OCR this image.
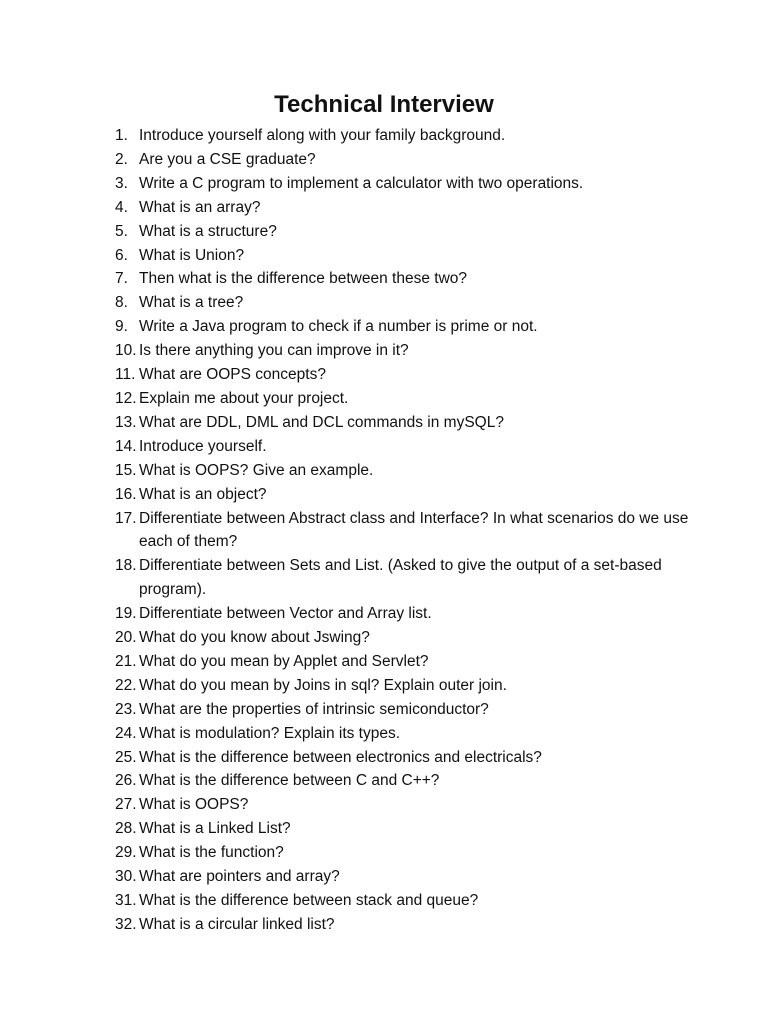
Technical Interview
1. Introduce yourself along with your family background.
2. Are you a CSE graduate?
3. Write a C program to implement a calculator with two operations.
4. What is an array?
5. What is a structure?
6. What is Union?
7. Then what is the difference between these two?
8. What is a tree?
9. Write a Java program to check if a number is prime or not.
10. Is there anything you can improve in it?
11. What are OOPS concepts?
12. Explain me about your project.
13. What are DDL, DML and DCL commands in mySQL?
14. Introduce yourself.
15. What is OOPS? Give an example.
16. What is an object?
17. Differentiate between Abstract class and Interface? In what scenarios do we use each of them?
18. Differentiate between Sets and List. (Asked to give the output of a set-based program).
19. Differentiate between Vector and Array list.
20. What do you know about Jswing?
21. What do you mean by Applet and Servlet?
22. What do you mean by Joins in sql? Explain outer join.
23. What are the properties of intrinsic semiconductor?
24. What is modulation? Explain its types.
25. What is the difference between electronics and electricals?
26. What is the difference between C and C++?
27. What is OOPS?
28. What is a Linked List?
29. What is the function?
30. What are pointers and array?
31. What is the difference between stack and queue?
32. What is a circular linked list?
